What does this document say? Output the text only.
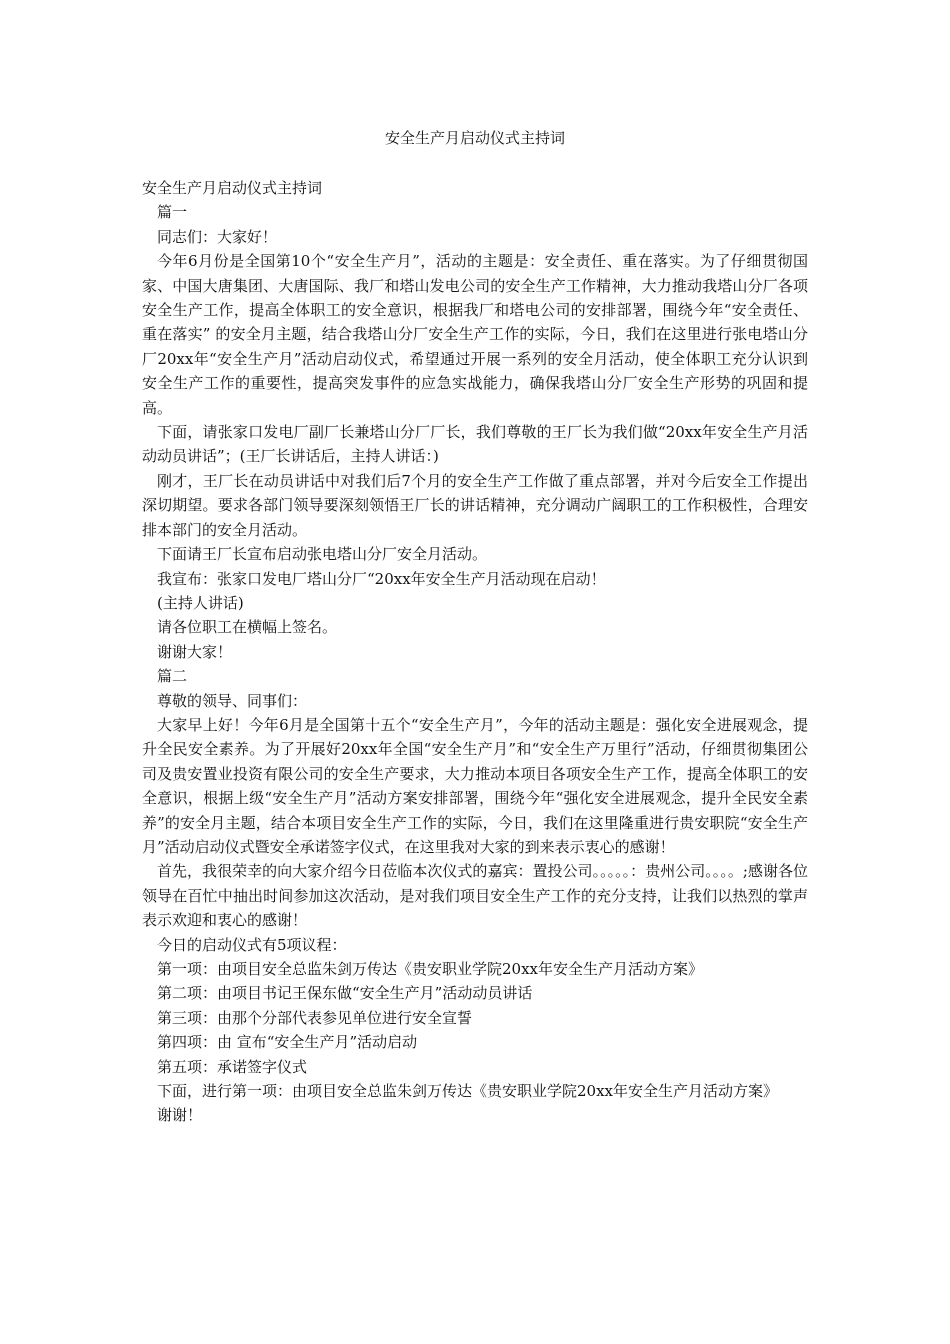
安全生产月启动仪式主持词

安全生产月启动仪式主持词

篇一

同志们：大家好！

今年6月份是全国第10个“安全生产月”，活动的主题是：安全责任、重在落实。为了仔细贯彻国家、中国大唐集团、大唐国际、我厂和塔山发电公司的安全生产工作精神，大力推动我塔山分厂各项安全生产工作，提高全体职工的安全意识，根据我厂和塔电公司的安排部署，围绕今年“安全责任、重在落实” 的安全月主题，结合我塔山分厂安全生产工作的实际，今日，我们在这里进行张电塔山分厂20xx年“安全生产月”活动启动仪式，希望通过开展一系列的安全月活动，使全体职工充分认识到安全生产工作的重要性，提高突发事件的应急实战能力，确保我塔山分厂安全生产形势的巩固和提高。

下面，请张家口发电厂副厂长兼塔山分厂厂长，我们尊敬的王厂长为我们做“20xx年安全生产月活动动员讲话”；(王厂长讲话后，主持人讲话：)

刚才，王厂长在动员讲话中对我们后7个月的安全生产工作做了重点部署，并对今后安全工作提出深切期望。要求各部门领导要深刻领悟王厂长的讲话精神，充分调动广阔职工的工作积极性，合理安排本部门的安全月活动。

下面请王厂长宣布启动张电塔山分厂安全月活动。

我宣布：张家口发电厂塔山分厂“20xx年安全生产月活动现在启动！

(主持人讲话)

请各位职工在横幅上签名。

谢谢大家！

篇二

尊敬的领导、同事们：

大家早上好！今年6月是全国第十五个“安全生产月”，今年的活动主题是：强化安全进展观念，提升全民安全素养。为了开展好20xx年全国“安全生产月”和“安全生产万里行”活动，仔细贯彻集团公司及贵安置业投资有限公司的安全生产要求，大力推动本项目各项安全生产工作，提高全体职工的安全意识，根据上级“安全生产月”活动方案安排部署，围绕今年“强化安全进展观念，提升全民安全素养”的安全月主题，结合本项目安全生产工作的实际，今日，我们在这里隆重进行贵安职院“安全生产月”活动启动仪式暨安全承诺签字仪式，在这里我对大家的到来表示衷心的感谢！

首先，我很荣幸的向大家介绍今日莅临本次仪式的嘉宾：置投公司。。。。。：贵州公司。。。。;感谢各位领导在百忙中抽出时间参加这次活动，是对我们项目安全生产工作的充分支持，让我们以热烈的掌声表示欢迎和衷心的感谢！

今日的启动仪式有5项议程：

第一项：由项目安全总监朱剑万传达《贵安职业学院20xx年安全生产月活动方案》

第二项：由项目书记王保东做“安全生产月”活动动员讲话

第三项：由那个分部代表参见单位进行安全宣誓

第四项：由 宣布“安全生产月”活动启动

第五项：承诺签字仪式

下面，进行第一项：由项目安全总监朱剑万传达《贵安职业学院20xx年安全生产月活动方案》

谢谢！
